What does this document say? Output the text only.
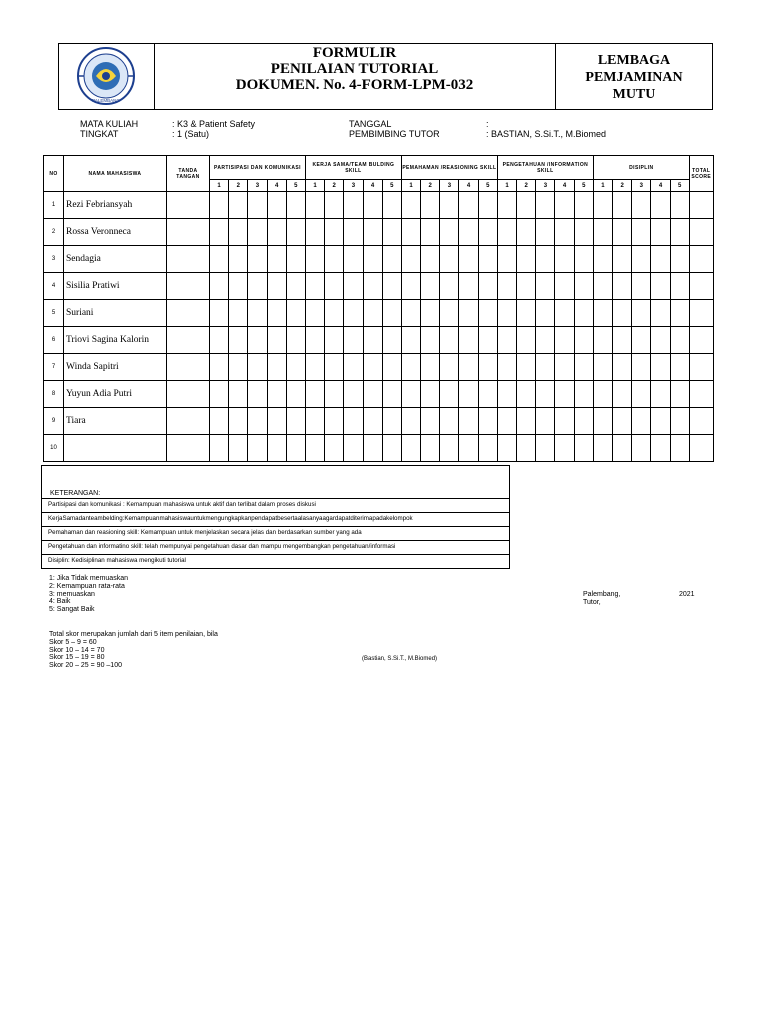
PALEMBANG
FORMULIR
PENILAIAN TUTORIAL
DOKUMEN. No. 4-FORM-LPM-032
LEMBAGA
PEMJAMINAN
MUTU
MATA KULIAH	: K3 & Patient Safety
TINGKAT	: 1 (Satu)
TANGGAL	:
PEMBIMBING TUTOR	: BASTIAN, S.Si.T., M.Biomed
NO	NAMA MAHASISWA	TANDA TANGAN	PARTISIPASI DAN KOMUNIKASI					KERJA SAMA/TEAM BULDING SKILL					PEMAHAMAN /REASIONING SKILL					PENGETAHUAN /INFORMATION SKILL					DISIPLIN					TOTAL SCORE
			1	2	3	4	5	1	2	3	4	5	1	2	3	4	5	1	2	3	4	5	1	2	3	4	5	
1	Rezi Febriansyah																											
2	Rossa Veronneca																											
3	Sendagia																											
4	Sisilia Pratiwi																											
5	Suriani																											
6	Triovi Sagina Kalorin																											
7	Winda Sapitri																											
8	Yuyun Adia Putri																											
9	Tiara																											
10																												
KETERANGAN:
Partisipasi dan komunikasi : Kemampuan mahasiswa untuk aktif dan terlibat dalam proses diskusi
KerjaSamadanteambelding:Kemampuanmahasiswauntukmengungkapkanpendapatbesertaalasanyaagardapatditerimapadakelompok
Pemahaman dan reasioning skill: Kemampuan untuk menjelaskan secara jelas dan berdasarkan sumber yang ada
Pengetahuan dan informatino skill: telah mempunyai pengetahuan dasar dan mampu mengembangkan pengetahuan/informasi
Disiplin: Kedisiplinan mahasiswa mengikuti tutorial
1: Jika Tidak memuaskan
2: Kemampuan rata-rata
3: memuaskan
4: Baik
5: Sangat Baik
Palembang,	2021
Tutor,
(Bastian, S.Si.T., M.Biomed)
Total skor merupakan jumlah dari 5 item penilaian, bila
Skor 5 – 9 = 60
Skor 10 – 14 = 70
Skor 15 – 19 = 80
Skor 20 – 25 = 90 –100
